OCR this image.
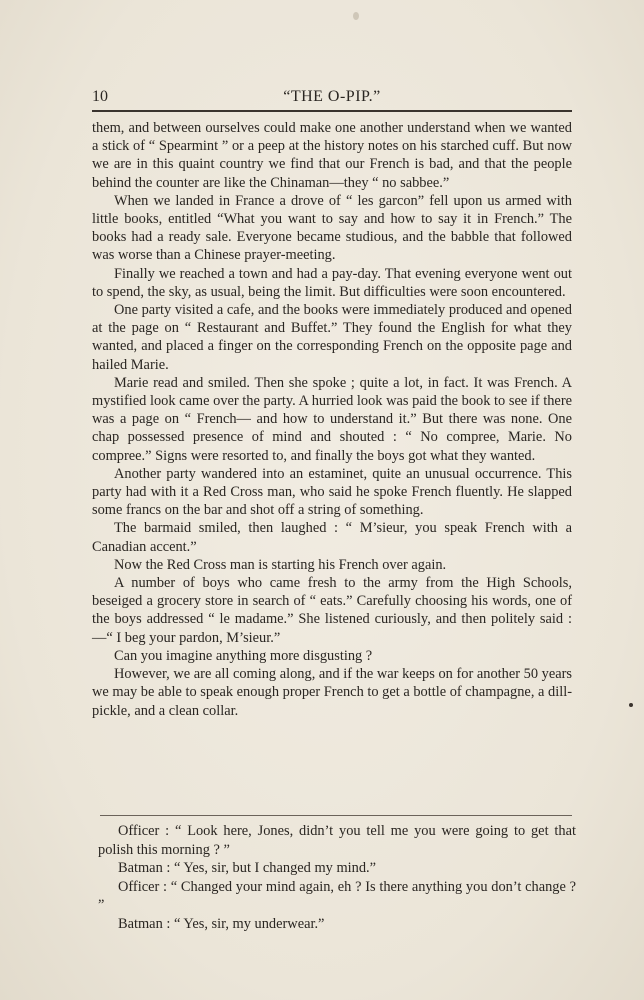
10	“THE O-PIP.”

them, and between ourselves could make one another understand when we wanted a stick of “ Spearmint ” or a peep at the history notes on his starched cuff. But now we are in this quaint country we find that our French is bad, and that the people behind the counter are like the Chinaman—they “ no sabbee.”

When we landed in France a drove of “ les garcon” fell upon us armed with little books, entitled “What you want to say and how to say it in French.” The books had a ready sale. Everyone became studious, and the babble that followed was worse than a Chinese prayer-meeting.

Finally we reached a town and had a pay-day. That evening everyone went out to spend, the sky, as usual, being the limit. But difficulties were soon encountered.

One party visited a cafe, and the books were immediately produced and opened at the page on “ Restaurant and Buffet.” They found the English for what they wanted, and placed a finger on the corresponding French on the opposite page and hailed Marie.

Marie read and smiled. Then she spoke ; quite a lot, in fact. It was French. A mystified look came over the party. A hurried look was paid the book to see if there was a page on “ French— and how to understand it.” But there was none. One chap possessed presence of mind and shouted : “ No compree, Marie. No compree.” Signs were resorted to, and finally the boys got what they wanted.

Another party wandered into an estaminet, quite an unusual occurrence. This party had with it a Red Cross man, who said he spoke French fluently. He slapped some francs on the bar and shot off a string of something.

The barmaid smiled, then laughed : “ M’sieur, you speak French with a Canadian accent.”

Now the Red Cross man is starting his French over again.

A number of boys who came fresh to the army from the High Schools, beseiged a grocery store in search of “ eats.” Carefully choosing his words, one of the boys addressed “ le madame.” She listened curiously, and then politely said :—“ I beg your pardon, M’sieur.”

Can you imagine anything more disgusting ?

However, we are all coming along, and if the war keeps on for another 50 years we may be able to speak enough proper French to get a bottle of champagne, a dill-pickle, and a clean collar.

Officer : “ Look here, Jones, didn’t you tell me you were going to get that polish this morning ? ”

Batman : “ Yes, sir, but I changed my mind.”

Officer : “ Changed your mind again, eh ? Is there anything you don’t change ? ”

Batman : “ Yes, sir, my underwear.”
